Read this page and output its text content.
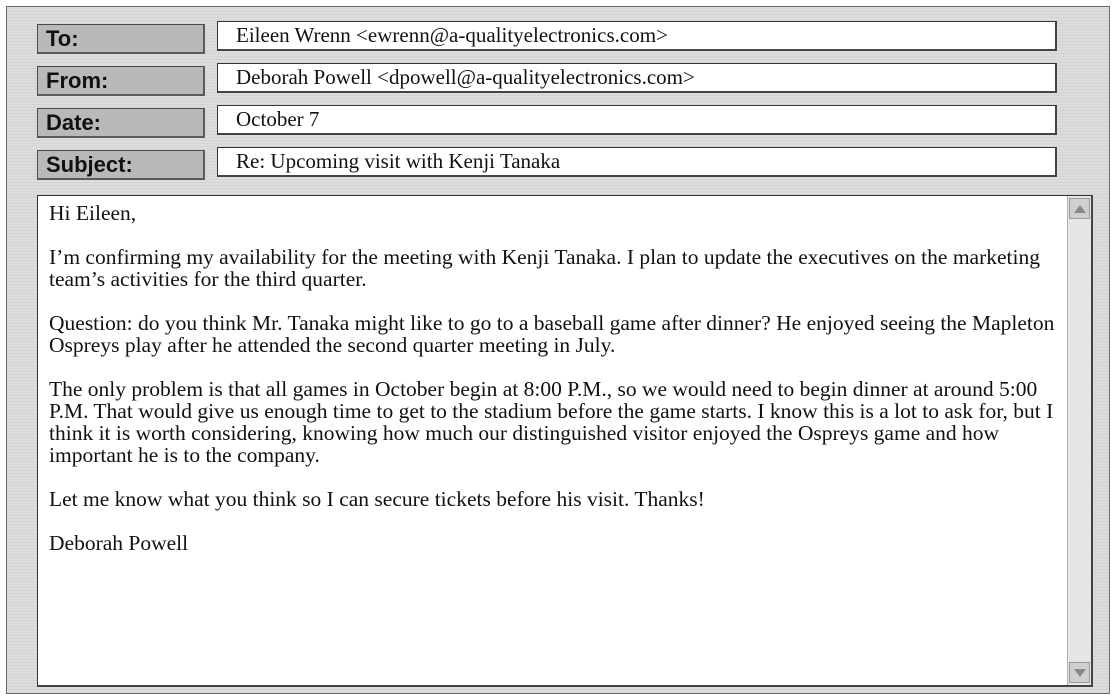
To:	Eileen Wrenn <ewrenn@a-qualityelectronics.com>
From:	Deborah Powell <dpowell@a-qualityelectronics.com>
Date:	October 7
Subject:	Re: Upcoming visit with Kenji Tanaka

Hi Eileen,

I’m confirming my availability for the meeting with Kenji Tanaka. I plan to update the executives on the marketing team’s activities for the third quarter.

Question: do you think Mr. Tanaka might like to go to a baseball game after dinner? He enjoyed seeing the Mapleton Ospreys play after he attended the second quarter meeting in July.

The only problem is that all games in October begin at 8:00 P.M., so we would need to begin dinner at around 5:00 P.M. That would give us enough time to get to the stadium before the game starts. I know this is a lot to ask for, but I think it is worth considering, knowing how much our distinguished visitor enjoyed the Ospreys game and how important he is to the company.

Let me know what you think so I can secure tickets before his visit. Thanks!

Deborah Powell
